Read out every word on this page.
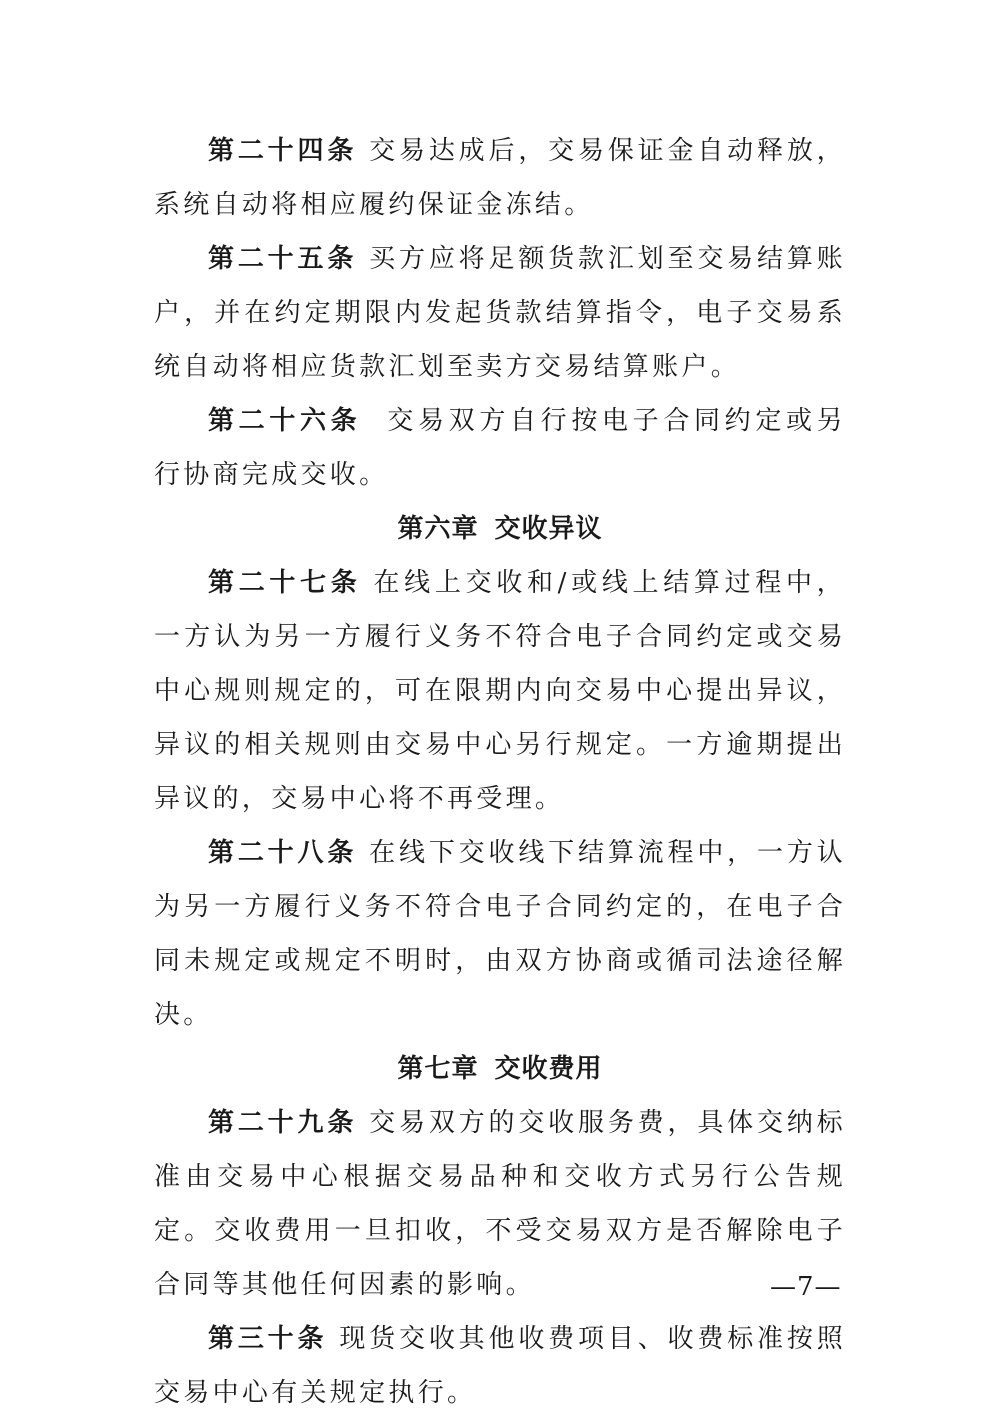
第二十四条 交易达成后，交易保证金自动释放，系统自动将相应履约保证金冻结。

第二十五条 买方应将足额货款汇划至交易结算账户，并在约定期限内发起货款结算指令，电子交易系统自动将相应货款汇划至卖方交易结算账户。

第二十六条 交易双方自行按电子合同约定或另行协商完成交收。

第六章 交收异议

第二十七条 在线上交收和/或线上结算过程中，一方认为另一方履行义务不符合电子合同约定或交易中心规则规定的，可在限期内向交易中心提出异议，异议的相关规则由交易中心另行规定。一方逾期提出异议的，交易中心将不再受理。

第二十八条 在线下交收线下结算流程中，一方认为另一方履行义务不符合电子合同约定的，在电子合同未规定或规定不明时，由双方协商或循司法途径解决。

第七章 交收费用

第二十九条 交易双方的交收服务费，具体交纳标准由交易中心根据交易品种和交收方式另行公告规定。交收费用一旦扣收，不受交易双方是否解除电子合同等其他任何因素的影响。

第三十条 现货交收其他收费项目、收费标准按照交易中心有关规定执行。

—7—
